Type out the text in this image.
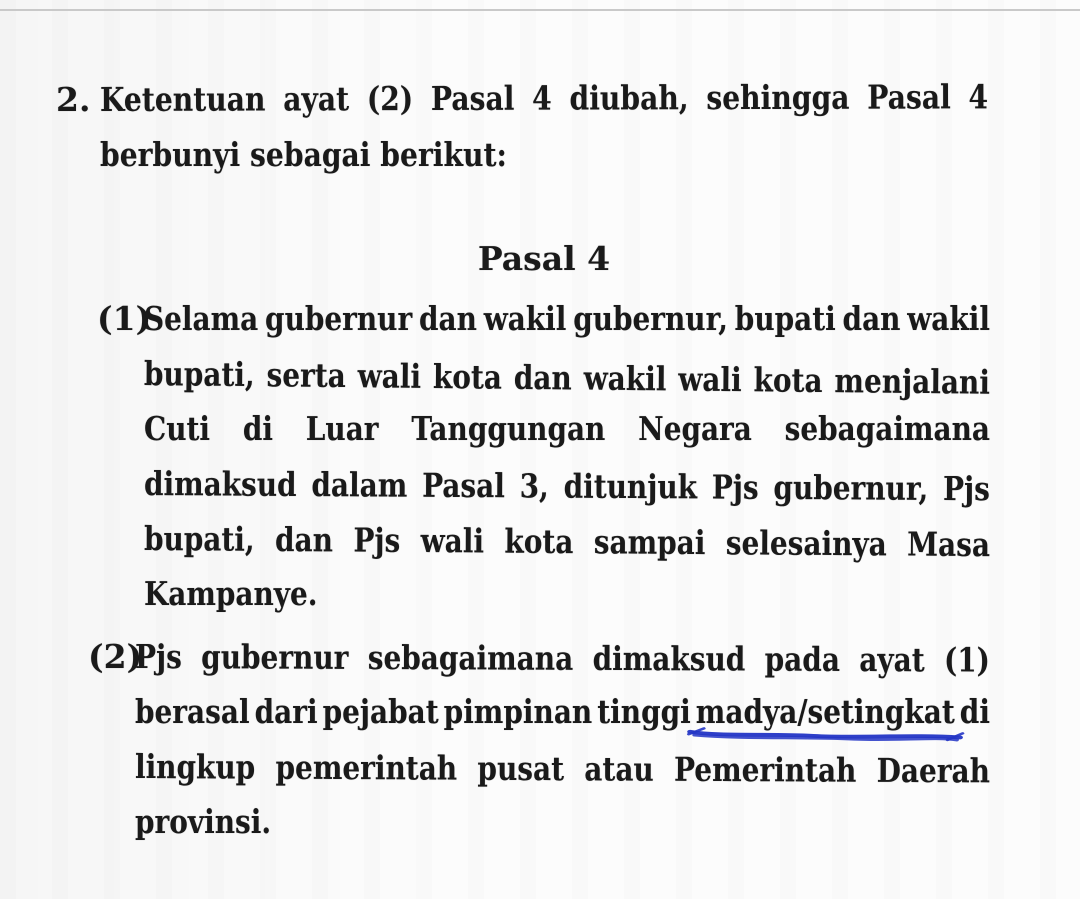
2. Ketentuan ayat (2) Pasal 4 diubah, sehingga Pasal 4
berbunyi sebagai berikut:
Pasal 4
(1)
Selama gubernur dan wakil gubernur, bupati dan wakil
bupati, serta wali kota dan wakil wali kota menjalani
Cuti di Luar Tanggungan Negara sebagaimana
dimaksud dalam Pasal 3, ditunjuk Pjs gubernur, Pjs
bupati, dan Pjs wali kota sampai selesainya Masa
Kampanye.
(2)
Pjs gubernur sebagaimana dimaksud pada ayat (1)
berasal dari pejabat pimpinan tinggi madya/setingkat di
lingkup pemerintah pusat atau Pemerintah Daerah
provinsi.
